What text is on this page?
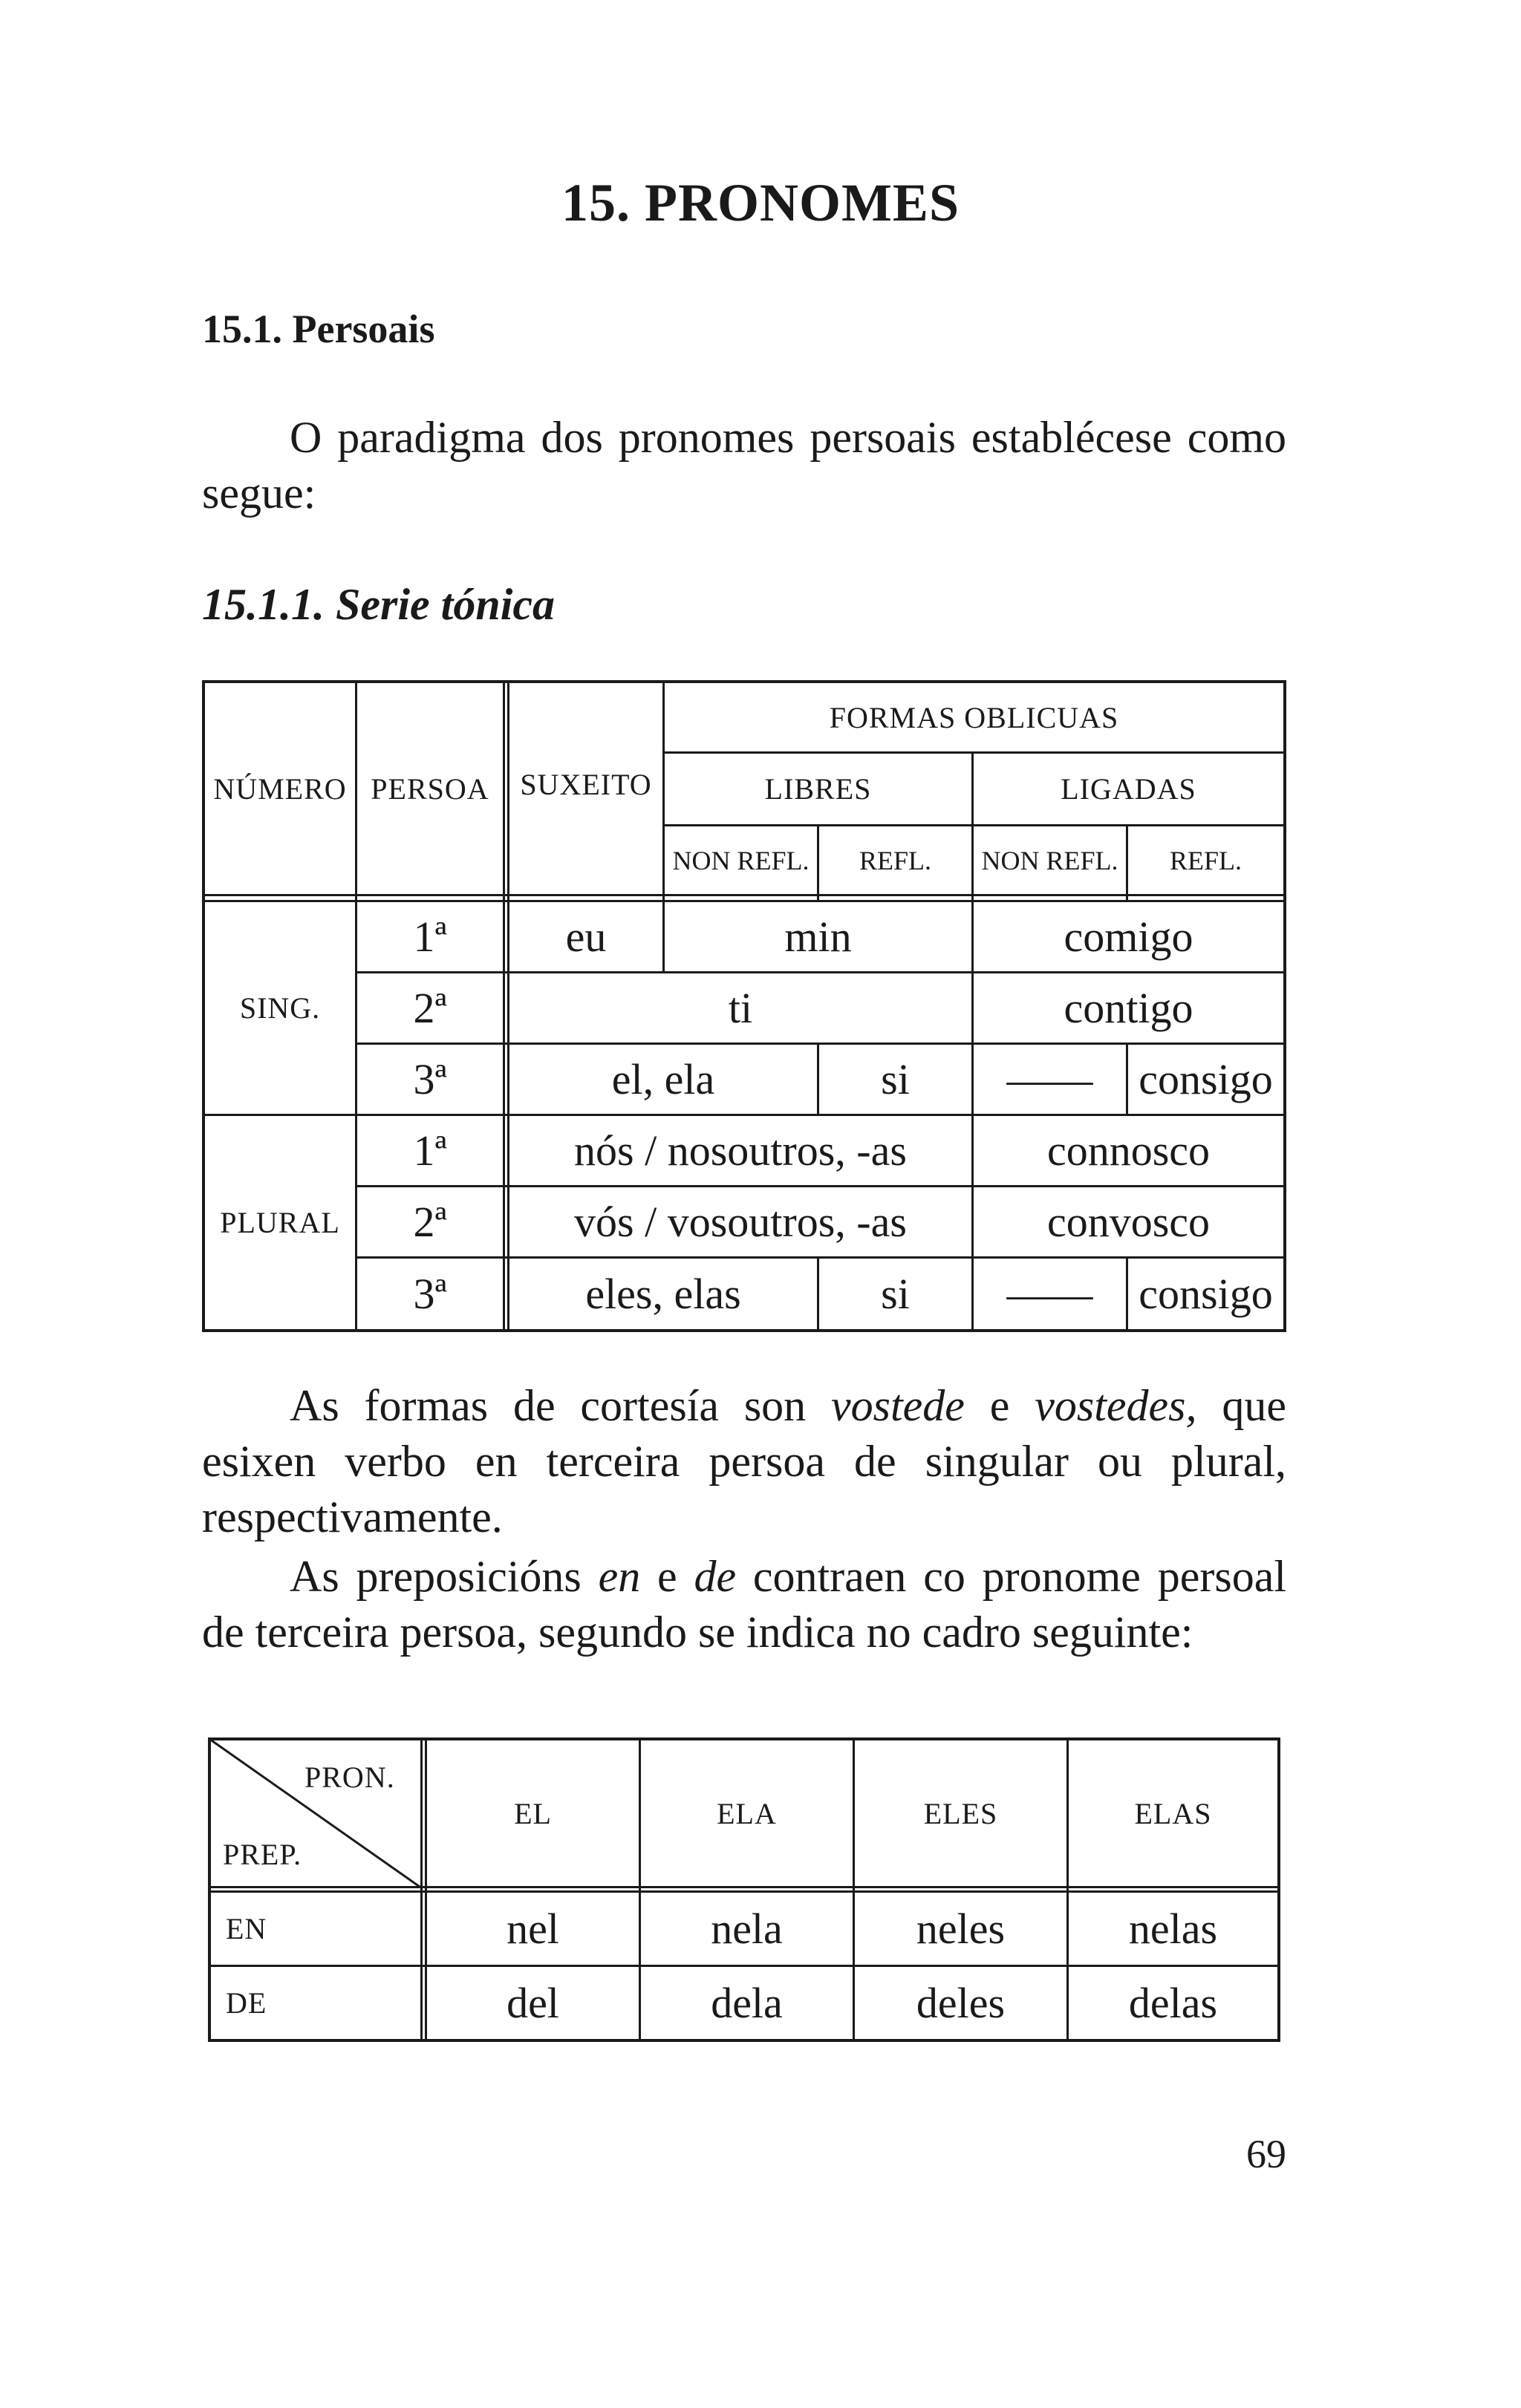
15. PRONOMES
15.1. Persoais

O paradigma dos pronomes persoais establécese como segue:

15.1.1. Serie tónica
NÚMERO PERSOA	SUXEITO
FORMAS OBLICUAS
LIBRES	LIGADAS
NON REFL.	REFL.	NON REFL.	REFL.
SING.
PLURAL
1ª	eu	min	comigo
2ª	ti	contigo
3ª	el, ela	si	——	consigo
1ª	nós / nosoutros, -as	connosco
2ª	vós / vosoutros, -as	convosco
3ª	eles, elas	si	——	consigo

As formas de cortesía son vostede e vostedes, que esixen verbo en terceira persoa de singular ou plural, respectivamente.

As preposicións en e de contraen co pronome persoal de terceira persoa, segundo se indica no cadro seguinte:

PRON.
PREP.
EL	ELA	ELES	ELAS
EN	nel	nela	neles	nelas
DE	del	dela	deles	delas
69
